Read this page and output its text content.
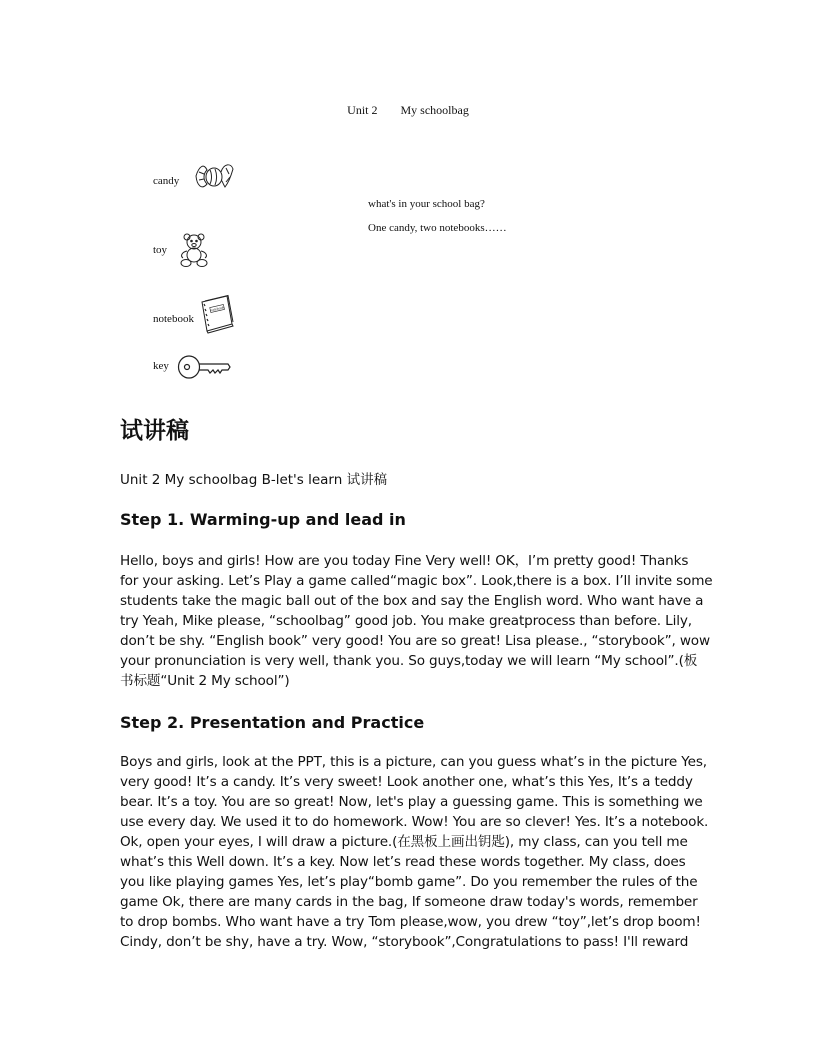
Unit 2 My schoolbag
candy
toy
notebook
notebook
key
what's in your school bag?
One candy, two notebooks……
试讲稿
Unit 2 My schoolbag B-let's learn 试讲稿
Step 1. Warming-up and lead in
Hello, boys and girls! How are you today Fine Very well! OK，I’m pretty good! Thanks
for your asking. Let’s Play a game called“magic box”. Look,there is a box. I’ll invite some
students take the magic ball out of the box and say the English word. Who want have a
try Yeah, Mike please, “schoolbag” good job. You make greatprocess than before. Lily,
don’t be shy. “English book” very good! You are so great! Lisa please., “storybook”, wow
your pronunciation is very well, thank you. So guys,today we will learn “My school”.(板
书标题“Unit 2 My school”)
Step 2. Presentation and Practice
Boys and girls, look at the PPT, this is a picture, can you guess what’s in the picture Yes,
very good! It’s a candy. It’s very sweet! Look another one, what’s this Yes, It’s a teddy
bear. It’s a toy. You are so great! Now, let's play a guessing game. This is something we
use every day. We used it to do homework. Wow! You are so clever! Yes. It’s a notebook.
Ok, open your eyes, I will draw a picture.(在黑板上画出钥匙), my class, can you tell me
what’s this Well down. It’s a key. Now let’s read these words together. My class, does
you like playing games Yes, let’s play“bomb game”. Do you remember the rules of the
game Ok, there are many cards in the bag, If someone draw today's words, remember
to drop bombs. Who want have a try Tom please,wow, you drew “toy”,let’s drop boom!
Cindy, don’t be shy, have a try. Wow, “storybook”,Congratulations to pass! I'll reward
